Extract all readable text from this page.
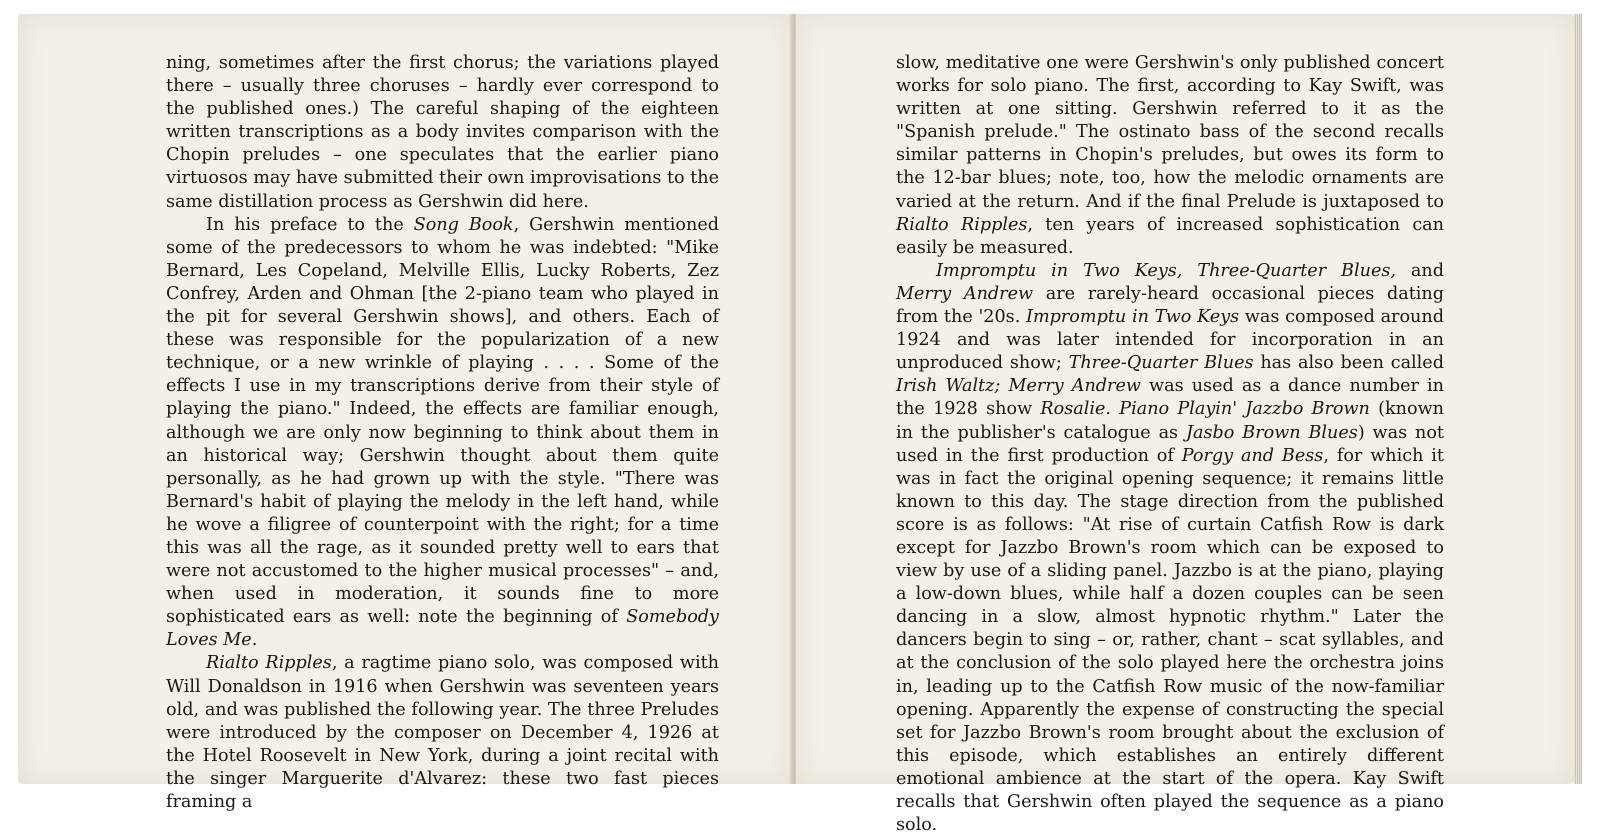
ning, sometimes after the first chorus; the variations played there – usually three choruses – hardly ever correspond to the published ones.) The careful shaping of the eighteen written transcriptions as a body invites comparison with the Chopin preludes – one speculates that the earlier piano virtuosos may have submitted their own improvisations to the same distillation process as Gershwin did here.

In his preface to the Song Book, Gershwin mentioned some of the predecessors to whom he was indebted: "Mike Bernard, Les Copeland, Melville Ellis, Lucky Roberts, Zez Confrey, Arden and Ohman [the 2-piano team who played in the pit for several Gershwin shows], and others. Each of these was responsible for the popularization of a new technique, or a new wrinkle of playing . . . . Some of the effects I use in my transcriptions derive from their style of playing the piano." Indeed, the effects are familiar enough, although we are only now beginning to think about them in an historical way; Gershwin thought about them quite personally, as he had grown up with the style. "There was Bernard's habit of playing the melody in the left hand, while he wove a filigree of counterpoint with the right; for a time this was all the rage, as it sounded pretty well to ears that were not accustomed to the higher musical processes" – and, when used in moderation, it sounds fine to more sophisticated ears as well: note the beginning of Somebody Loves Me.

Rialto Ripples, a ragtime piano solo, was composed with Will Donaldson in 1916 when Gershwin was seventeen years old, and was published the following year. The three Preludes were introduced by the composer on December 4, 1926 at the Hotel Roosevelt in New York, during a joint recital with the singer Marguerite d'Alvarez: these two fast pieces framing a

slow, meditative one were Gershwin's only published concert works for solo piano. The first, according to Kay Swift, was written at one sitting. Gershwin referred to it as the "Spanish prelude." The ostinato bass of the second recalls similar patterns in Chopin's preludes, but owes its form to the 12-bar blues; note, too, how the melodic ornaments are varied at the return. And if the final Prelude is juxtaposed to Rialto Ripples, ten years of increased sophistication can easily be measured.

Impromptu in Two Keys, Three-Quarter Blues, and Merry Andrew are rarely-heard occasional pieces dating from the '20s. Impromptu in Two Keys was composed around 1924 and was later intended for incorporation in an unproduced show; Three-Quarter Blues has also been called Irish Waltz; Merry Andrew was used as a dance number in the 1928 show Rosalie. Piano Playin' Jazzbo Brown (known in the publisher's catalogue as Jasbo Brown Blues) was not used in the first production of Porgy and Bess, for which it was in fact the original opening sequence; it remains little known to this day. The stage direction from the published score is as follows: "At rise of curtain Catfish Row is dark except for Jazzbo Brown's room which can be exposed to view by use of a sliding panel. Jazzbo is at the piano, playing a low-down blues, while half a dozen couples can be seen dancing in a slow, almost hypnotic rhythm." Later the dancers begin to sing – or, rather, chant – scat syllables, and at the conclusion of the solo played here the orchestra joins in, leading up to the Catfish Row music of the now-familiar opening. Apparently the expense of constructing the special set for Jazzbo Brown's room brought about the exclusion of this episode, which establishes an entirely different emotional ambience at the start of the opera. Kay Swift recalls that Gershwin often played the sequence as a piano solo.
